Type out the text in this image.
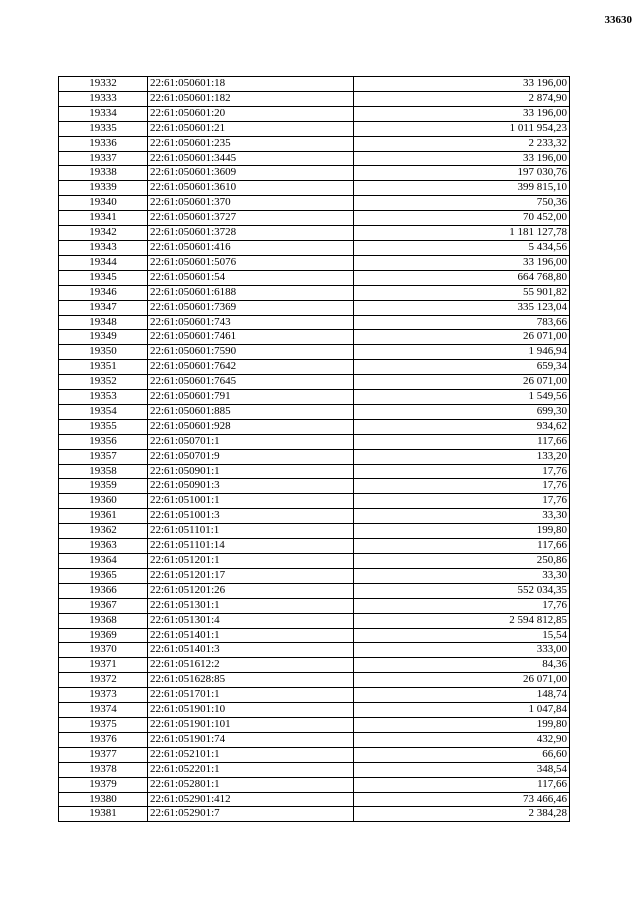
33630
19332	22:61:050601:18	33 196,00
19333	22:61:050601:182	2 874,90
19334	22:61:050601:20	33 196,00
19335	22:61:050601:21	1 011 954,23
19336	22:61:050601:235	2 233,32
19337	22:61:050601:3445	33 196,00
19338	22:61:050601:3609	197 030,76
19339	22:61:050601:3610	399 815,10
19340	22:61:050601:370	750,36
19341	22:61:050601:3727	70 452,00
19342	22:61:050601:3728	1 181 127,78
19343	22:61:050601:416	5 434,56
19344	22:61:050601:5076	33 196,00
19345	22:61:050601:54	664 768,80
19346	22:61:050601:6188	55 901,82
19347	22:61:050601:7369	335 123,04
19348	22:61:050601:743	783,66
19349	22:61:050601:7461	26 071,00
19350	22:61:050601:7590	1 946,94
19351	22:61:050601:7642	659,34
19352	22:61:050601:7645	26 071,00
19353	22:61:050601:791	1 549,56
19354	22:61:050601:885	699,30
19355	22:61:050601:928	934,62
19356	22:61:050701:1	117,66
19357	22:61:050701:9	133,20
19358	22:61:050901:1	17,76
19359	22:61:050901:3	17,76
19360	22:61:051001:1	17,76
19361	22:61:051001:3	33,30
19362	22:61:051101:1	199,80
19363	22:61:051101:14	117,66
19364	22:61:051201:1	250,86
19365	22:61:051201:17	33,30
19366	22:61:051201:26	552 034,35
19367	22:61:051301:1	17,76
19368	22:61:051301:4	2 594 812,85
19369	22:61:051401:1	15,54
19370	22:61:051401:3	333,00
19371	22:61:051612:2	84,36
19372	22:61:051628:85	26 071,00
19373	22:61:051701:1	148,74
19374	22:61:051901:10	1 047,84
19375	22:61:051901:101	199,80
19376	22:61:051901:74	432,90
19377	22:61:052101:1	66,60
19378	22:61:052201:1	348,54
19379	22:61:052801:1	117,66
19380	22:61:052901:412	73 466,46
19381	22:61:052901:7	2 384,28
